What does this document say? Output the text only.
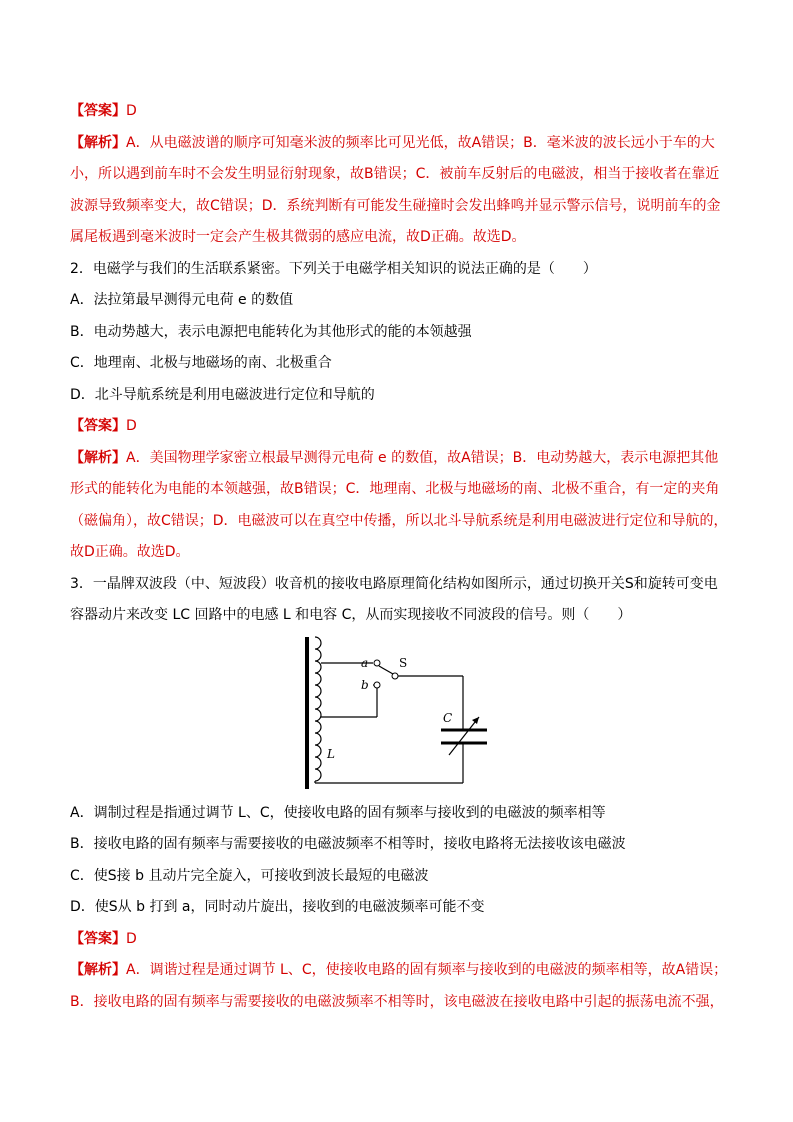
【答案】D
【解析】A．从电磁波谱的顺序可知毫米波的频率比可见光低，故A错误；B．毫米波的波长远小于车的大
小，所以遇到前车时不会发生明显衍射现象，故B错误；C．被前车反射后的电磁波，相当于接收者在靠近
波源导致频率变大，故C错误；D．系统判断有可能发生碰撞时会发出蜂鸣并显示警示信号，说明前车的金
属尾板遇到毫米波时一定会产生极其微弱的感应电流，故D正确。故选D。
2．电磁学与我们的生活联系紧密。下列关于电磁学相关知识的说法正确的是（　　）
A．法拉第最早测得元电荷 e 的数值
B．电动势越大，表示电源把电能转化为其他形式的能的本领越强
C．地理南、北极与地磁场的南、北极重合
D．北斗导航系统是利用电磁波进行定位和导航的
【答案】D
【解析】A．美国物理学家密立根最早测得元电荷 e 的数值，故A错误；B．电动势越大，表示电源把其他
形式的能转化为电能的本领越强，故B错误；C．地理南、北极与地磁场的南、北极不重合，有一定的夹角
（磁偏角），故C错误；D．电磁波可以在真空中传播，所以北斗导航系统是利用电磁波进行定位和导航的，
故D正确。故选D。
3．一晶牌双波段（中、短波段）收音机的接收电路原理简化结构如图所示，通过切换开关S和旋转可变电
容器动片来改变 LC 回路中的电感 L 和电容 C，从而实现接收不同波段的信号。则（　　）
A．调制过程是指通过调节 L、C，使接收电路的固有频率与接收到的电磁波的频率相等
B．接收电路的固有频率与需要接收的电磁波频率不相等时，接收电路将无法接收该电磁波
C．使S接 b 且动片完全旋入，可接收到波长最短的电磁波
D．使S从 b 打到 a，同时动片旋出，接收到的电磁波频率可能不变
【答案】D
【解析】A．调谐过程是通过调节 L、C，使接收电路的固有频率与接收到的电磁波的频率相等，故A错误；
B．接收电路的固有频率与需要接收的电磁波频率不相等时，该电磁波在接收电路中引起的振荡电流不强，
a
b
S
C
L
